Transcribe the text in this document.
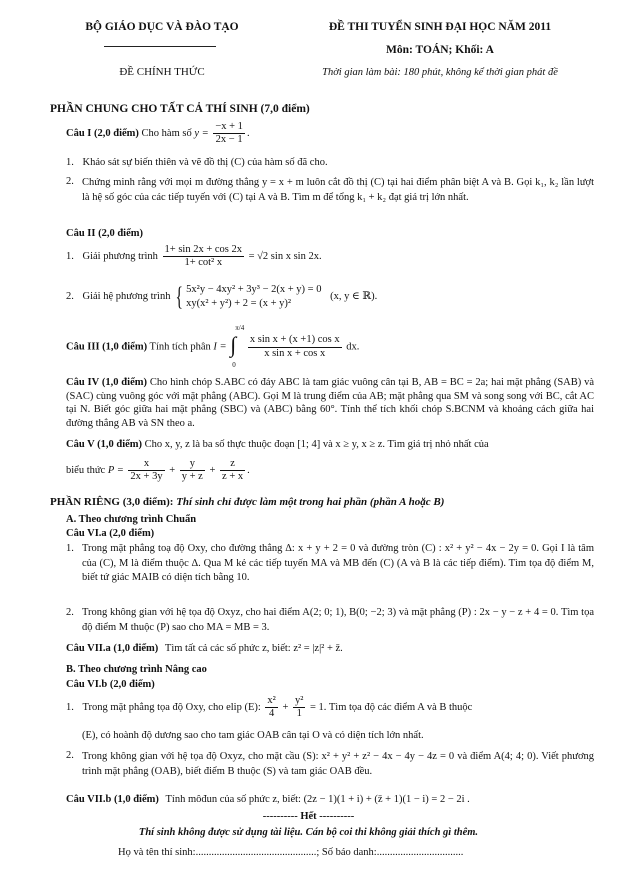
BỘ GIÁO DỤC VÀ ĐÀO TẠO
ĐỀ CHÍNH THỨC
ĐỀ THI TUYỂN SINH ĐẠI HỌC NĂM 2011
Môn: TOÁN; Khối: A
Thời gian làm bài: 180 phút, không kể thời gian phát đề
PHẦN CHUNG CHO TẤT CẢ THÍ SINH (7,0 điểm)
Câu I (2,0 điểm) Cho hàm số $y = \frac{-x + 1}{2x - 1}$ .
1. Khảo sát sự biến thiên và vẽ đồ thị (C) của hàm số đã cho.
2. Chứng minh rằng với mọi m đường thẳng y = x + m luôn cắt đồ thị (C) tại hai điểm phân biệt A và B. Gọi k₁, k₂ lần lượt là hệ số góc của các tiếp tuyến với (C) tại A và B. Tìm m để tổng k₁ + k₂ đạt giá trị lớn nhất.
Câu II (2,0 điểm)
1. Giải phương trình $\frac{1+ \sin 2x + \cos 2x}{\text{1+ cot² x}} = √2$ sin x sin 2x.
2. Giải hệ phương trình { 5x²y − 4xy² + 3y³ − 2(x + y) = 0
xy(x² + y²) + 2 = (x + y)²
(x, y ∈ ℝ).
Câu III (1,0 điểm) Tính tích phân I =
π/4
∫
0

$\frac{\text{x sin x + (x +1) cos x}}{\text{x sin x + cos x}}$ dx.
Câu IV (1,0 điểm) Cho hình chóp S.ABC có đáy ABC là tam giác vuông cân tại B, AB = BC = 2a; hai mặt phẳng (SAB) và (SAC) cùng vuông góc với mặt phẳng (ABC). Gọi M là trung điểm của AB; mặt phẳng qua SM và song song với BC, cắt AC tại N. Biết góc giữa hai mặt phẳng (SBC) và (ABC) bằng 60°. Tính thể tích khối chóp S.BCNM và khoảng cách giữa hai đường thẳng AB và SN theo a.
Câu V (1,0 điểm) Cho x, y, z là ba số thực thuộc đoạn [1; 4] và x ≥ y, x ≥ z. Tìm giá trị nhỏ nhất của
biểu thức $P = \frac{x}{2x + 3y} + \frac{y}{y + z} + \frac{z}{z + x}$ .
PHẦN RIÊNG (3,0 điểm): Thí sinh chỉ được làm một trong hai phần (phần A hoặc B)
A. Theo chương trình Chuẩn
Câu VI.a (2,0 điểm)
1. Trong mặt phẳng toạ độ Oxy, cho đường thẳng ∆: x + y + 2 = 0 và đường tròn (C) : x² + y² − 4x − 2y = 0. Gọi I là tâm của (C), M là điểm thuộc ∆. Qua M kẻ các tiếp tuyến MA và MB đến (C) (A và B là các tiếp điểm). Tìm tọa độ điểm M, biết tứ giác MAIB có diện tích bằng 10.
2. Trong không gian với hệ tọa độ Oxyz, cho hai điểm A(2; 0; 1), B(0; −2; 3) và mặt phẳng (P) : 2x − y − z + 4 = 0. Tìm tọa độ điểm M thuộc (P) sao cho MA = MB = 3.
Câu VII.a (1,0 điểm) Tìm tất cả các số phức z, biết: z² = |z|² + z̄.
B. Theo chương trình Nâng cao
Câu VI.b (2,0 điểm)
1. Trong mặt phẳng tọa độ Oxy, cho elip (E): $\frac{\text{x²}}{4} + \frac{\text{y²}}{1} = 1$. Tìm tọa độ các điểm A và B thuộc
(E), có hoành độ dương sao cho tam giác OAB cân tại O và có diện tích lớn nhất.
2. Trong không gian với hệ tọa độ Oxyz, cho mặt cầu (S): x² + y² + z² − 4x − 4y − 4z = 0 và điểm A(4; 4; 0). Viết phương trình mặt phẳng (OAB), biết điểm B thuộc (S) và tam giác OAB đều.
Câu VII.b (1,0 điểm) Tính môđun của số phức z, biết: (2z − 1)(1 + i) + (z̄ + 1)(1 − i) = 2 − 2i .
---------- Hết ----------
Thí sinh không được sử dụng tài liệu. Cán bộ coi thi không giải thích gì thêm.
Họ và tên thí sinh:..............................................; Số báo danh:.................................
